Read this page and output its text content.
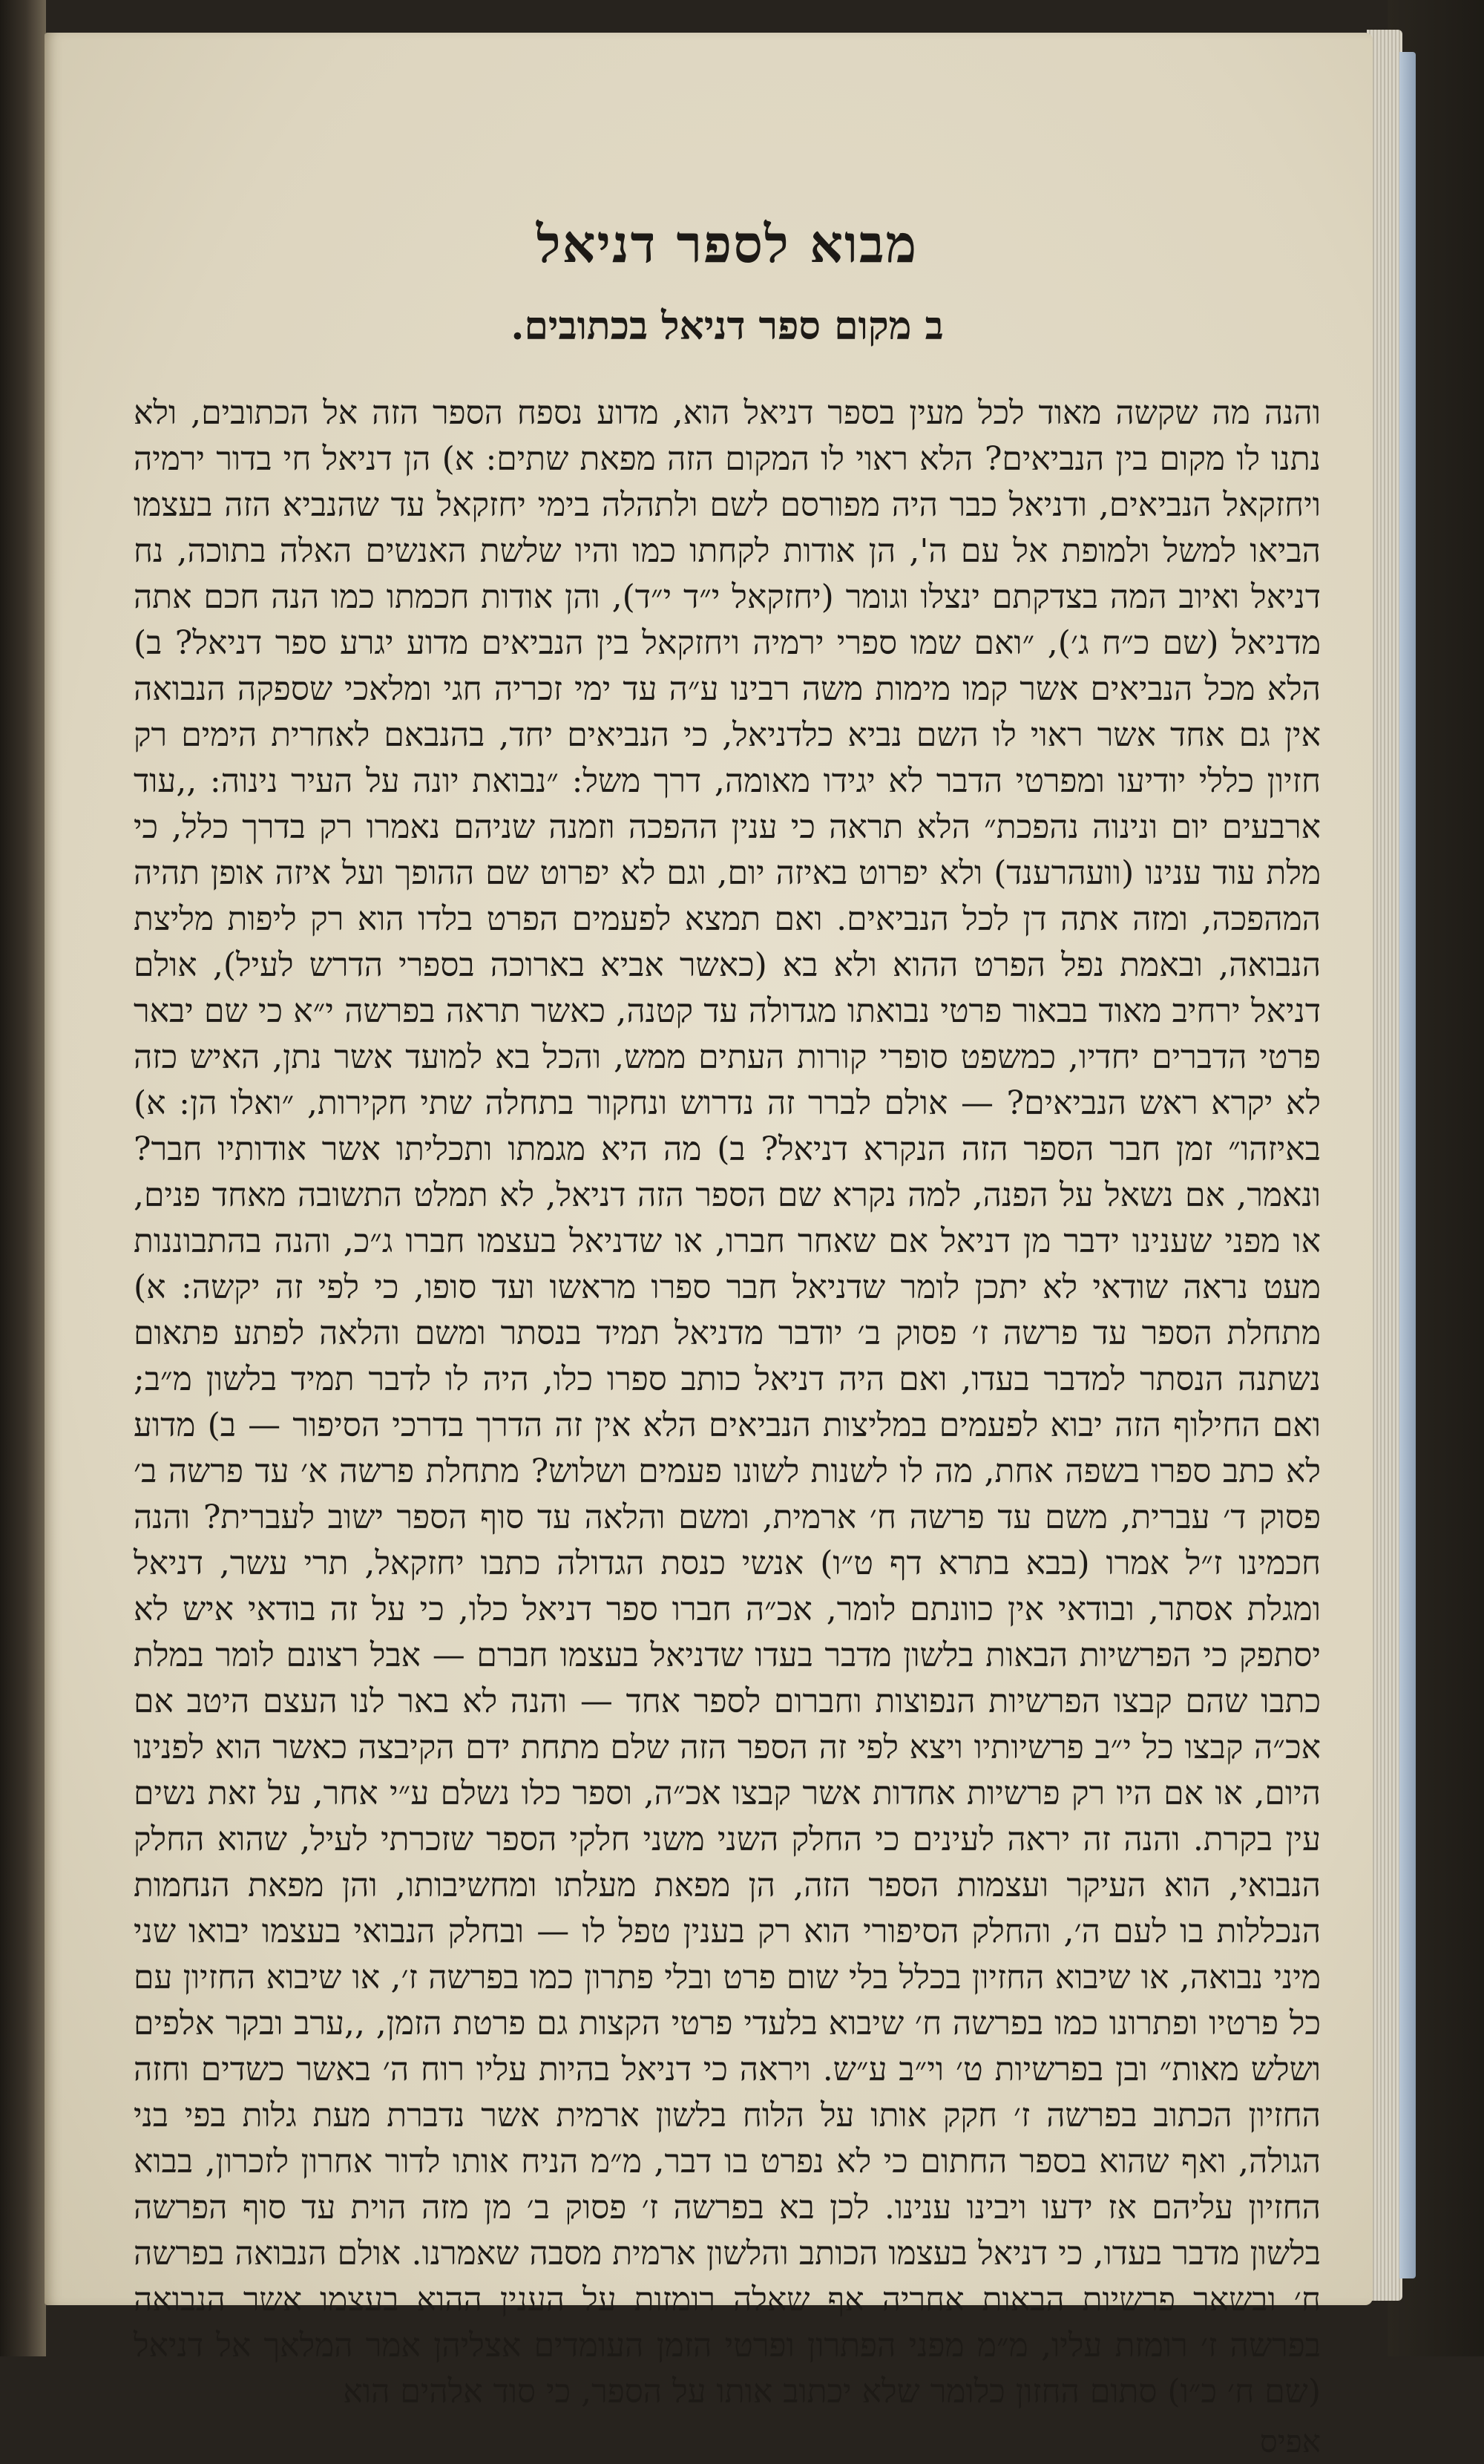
מבוא לספר דניאל
ב מקום ספר דניאל בכתובים.

והנה מה שקשה מאוד לכל מעין בספר דניאל הוא, מדוע נספח הספר הזה אל הכתובים, ולא נתנו לו מקום בין הנביאים? הלא ראוי לו המקום הזה מפאת שתים: א) הן דניאל חי בדור ירמיה ויחזקאל הנביאים, ודניאל כבר היה מפורסם לשם ולתהלה בימי יחזקאל עד שהנביא הזה בעצמו הביאו למשל ולמופת אל עם ה', הן אודות לקחתו כמו והיו שלשת האנשים האלה בתוכה, נח דניאל ואיוב המה בצדקתם ינצלו וגומר (יחזקאל י״ד י״ד), והן אודות חכמתו כמו הנה חכם אתה מדניאל (שם כ״ח ג׳), ״ואם שמו ספרי ירמיה ויחזקאל בין הנביאים מדוע יגרע ספר דניאל? ב) הלא מכל הנביאים אשר קמו מימות משה רבינו ע״ה עד ימי זכריה חגי ומלאכי שספקה הנבואה אין גם אחד אשר ראוי לו השם נביא כלדניאל, כי הנביאים יחד, בהנבאם לאחרית הימים רק חזיון כללי יודיעו ומפרטי הדבר לא יגידו מאומה, דרך משל: ״נבואת יונה על העיר נינוה: ,,עוד ארבעים יום ונינוה נהפכת״ הלא תראה כי ענין ההפכה וזמנה שניהם נאמרו רק בדרך כלל, כי מלת עוד ענינו (וועהרענד) ולא יפרוט באיזה יום, וגם לא יפרוט שם ההופך ועל איזה אופן תהיה המהפכה, ומזה אתה דן לכל הנביאים. ואם תמצא לפעמים הפרט בלדו הוא רק ליפות מליצת הנבואה, ובאמת נפל הפרט ההוא ולא בא (כאשר אביא בארוכה בספרי הדרש לעיל), אולם דניאל ירחיב מאוד בבאור פרטי נבואתו מגדולה עד קטנה, כאשר תראה בפרשה י״א כי שם יבאר פרטי הדברים יחדיו, כמשפט סופרי קורות העתים ממש, והכל בא למועד אשר נתן, האיש כזה לא יקרא ראש הנביאים? — אולם לברר זה נדרוש ונחקור בתחלה שתי חקירות, ״ואלו הן: א) באיזהו״ זמן חבר הספר הזה הנקרא דניאל? ב) מה היא מגמתו ותכליתו אשר אודותיו חבר? ונאמר, אם נשאל על הפנה, למה נקרא שם הספר הזה דניאל, לא תמלט התשובה מאחד פנים, או מפני שענינו ידבר מן דניאל אם שאחר חברו, או שדניאל בעצמו חברו ג״כ, והנה בהתבוננות מעט נראה שודאי לא יתכן לומר שדניאל חבר ספרו מראשו ועד סופו, כי לפי זה יקשה: א) מתחלת הספר עד פרשה ז׳ פסוק ב׳ יודבר מדניאל תמיד בנסתר ומשם והלאה לפתע פתאום נשתנה הנסתר למדבר בעדו, ואם היה דניאל כותב ספרו כלו, היה לו לדבר תמיד בלשון מ״ב; ואם החילוף הזה יבוא לפעמים במליצות הנביאים הלא אין זה הדרך בדרכי הסיפור — ב) מדוע לא כתב ספרו בשפה אחת, מה לו לשנות לשונו פעמים ושלוש? מתחלת פרשה א׳ עד פרשה ב׳ פסוק ד׳ עברית, משם עד פרשה ח׳ ארמית, ומשם והלאה עד סוף הספר ישוב לעברית? והנה חכמינו ז״ל אמרו (בבא בתרא דף ט״ו) אנשי כנסת הגדולה כתבו יחזקאל, תרי עשר, דניאל ומגלת אסתר, ובודאי אין כוונתם לומר, אכ״ה חברו ספר דניאל כלו, כי על זה בודאי איש לא יסתפק כי הפרשיות הבאות בלשון מדבר בעדו שדניאל בעצמו חברם — אבל רצונם לומר במלת כתבו שהם קבצו הפרשיות הנפוצות וחברום לספר אחד — והנה לא באר לנו העצם היטב אם אכ״ה קבצו כל י״ב פרשיותיו ויצא לפי זה הספר הזה שלם מתחת ידם הקיבצה כאשר הוא לפנינו היום, או אם היו רק פרשיות אחדות אשר קבצו אכ״ה, וספר כלו נשלם ע״י אחר, על זאת נשים עין בקרת. והנה זה יראה לעינים כי החלק השני משני חלקי הספר שזכרתי לעיל, שהוא החלק הנבואי, הוא העיקר ועצמות הספר הזה, הן מפאת מעלתו ומחשיבותו, והן מפאת הנחמות הנכללות בו לעם ה׳, והחלק הסיפורי הוא רק בענין טפל לו — ובחלק הנבואי בעצמו יבואו שני מיני נבואה, או שיבוא החזיון בכלל בלי שום פרט ובלי פתרון כמו בפרשה ז׳, או שיבוא החזיון עם כל פרטיו ופתרונו כמו בפרשה ח׳ שיבוא בלעדי פרטי הקצות גם פרטת הזמן, ,,ערב ובקר אלפים ושלש מאות״ ובן בפרשיות ט׳ וי״ב ע״ש. ויראה כי דניאל בהיות עליו רוח ה׳ באשר כשדים וחזה החזיון הכתוב בפרשה ז׳ חקק אותו על הלוח בלשון ארמית אשר נדברת מעת גלות בפי בני הגולה, ואף שהוא בספר החתום כי לא נפרט בו דבר, מ״מ הניח אותו לדור אחרון לזכרון, בבוא החזיון עליהם אז ידעו ויבינו ענינו. לכן בא בפרשה ז׳ פסוק ב׳ מן מזה הוית עד סוף הפרשה בלשון מדבר בעדו, כי דניאל בעצמו הכותב והלשון ארמית מסבה שאמרנו. אולם הנבואה בפרשה ח׳ ובשאר פרשיות הבאות אחריה אף שאלה רומזות על הענין ההוא בעצמו אשר הנבואה בפרשה ז׳ רומזת עליו, מ״מ מפני הפתרון ופרטי הזמן העומדים אצליהן אמר המלאך אל דניאל (שם ח׳ כ״ו) סתום החזון כלומר שלא יכתוב אותו על הספר, כי סוד אלהים הוא

אפיס
